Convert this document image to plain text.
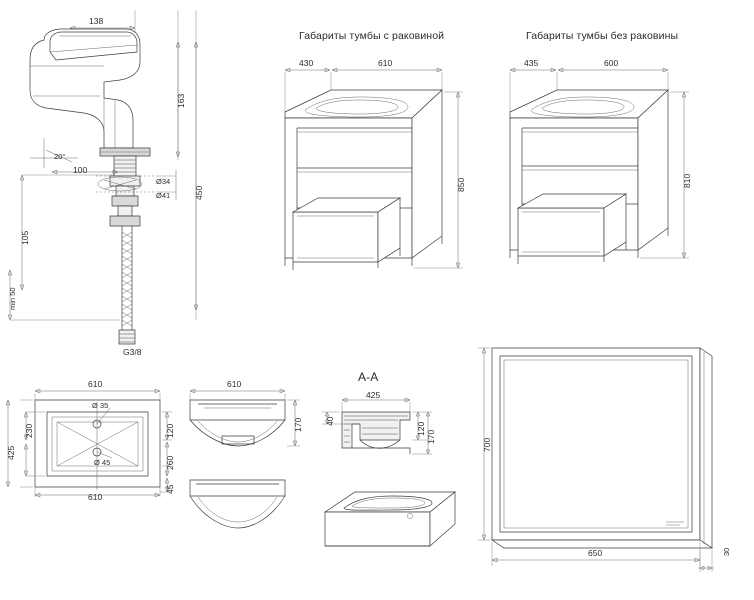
Габариты тумбы с раковиной	Габариты тумбы без раковины
А-А
138
163
100
20°
105
450
min 50
Ø34
Ø41
G3/8
430	610
850
435	600
810
610
610
Ø 35
Ø 45
425
230	120
260
45
610
170
425
40
120
170
700
650	30
